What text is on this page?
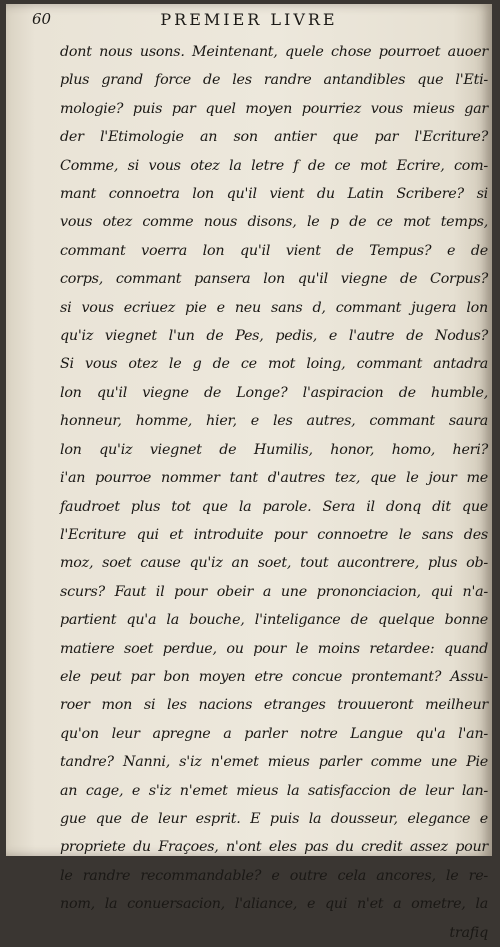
60	PREMIER LIVRE
dont nous usons. Meintenant, quele chose pourroet auoer
plus grand force de les randre antandibles que l'Eti-
mologie? puis par quel moyen pourriez vous mieus gar
der l'Etimologie an son antier que par l'Ecriture?
Comme, si vous otez la letre f de ce mot Ecrire, com-
mant connoetra lon qu'il vient du Latin Scribere? si
vous otez comme nous disons, le p de ce mot temps,
commant voerra lon qu'il vient de Tempus? e de
corps, commant pansera lon qu'il viegne de Corpus?
si vous ecriuez pie e neu sans d, commant jugera lon
qu'iz viegnet l'un de Pes, pedis, e l'autre de Nodus?
Si vous otez le g de ce mot loing, commant antadra
lon qu'il viegne de Longe? l'aspiracion de humble,
honneur, homme, hier, e les autres, commant saura
lon qu'iz viegnet de Humilis, honor, homo, heri?
i'an pourroe nommer tant d'autres tez, que le jour me
faudroet plus tot que la parole. Sera il donq dit que
l'Ecriture qui et introduite pour connoetre le sans des
moz, soet cause qu'iz an soet, tout aucontrere, plus ob-
scurs? Faut il pour obeir a une prononciacion, qui n'a-
partient qu'a la bouche, l'inteligance de quelque bonne
matiere soet perdue, ou pour le moins retardee: quand
ele peut par bon moyen etre concue prontemant? Assu-
roer mon si les nacions etranges trouueront meilheur
qu'on leur apregne a parler notre Langue qu'a l'an-
tandre? Nanni, s'iz n'emet mieus parler comme une Pie
an cage, e s'iz n'emet mieus la satisfaccion de leur lan-
gue que de leur esprit. E puis la dousseur, elegance e
propriete du Fraçoes, n'ont eles pas du credit assez pour
le randre recommandable? e outre cela ancores, le re-
nom, la conuersacion, l'aliance, e qui n'et a ometre, la
trafiq
